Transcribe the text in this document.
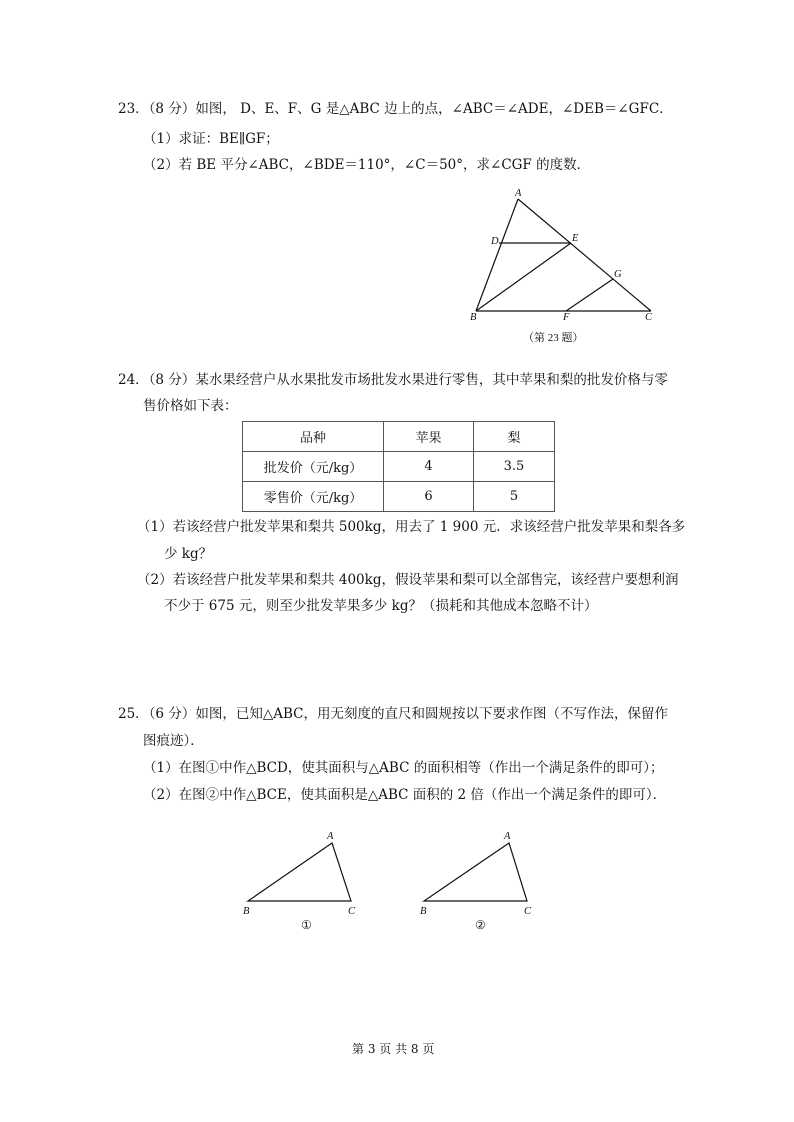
23．（8 分）如图， D、E、F、G 是△ABC 边上的点，∠ABC＝∠ADE，∠DEB＝∠GFC．
（1）求证：BE∥GF；
（2）若 BE 平分∠ABC，∠BDE＝110°，∠C＝50°，求∠CGF 的度数．
A
D	E
G
B	F	C
（第 23 题）
24．（8 分）某水果经营户从水果批发市场批发水果进行零售，其中苹果和梨的批发价格与零
售价格如下表：
品种	苹果	梨
批发价（元/kg）	4	3.5
零售价（元/kg）	6	5
（1）若该经营户批发苹果和梨共 500kg，用去了 1 900 元．求该经营户批发苹果和梨各多
少 kg？
（2）若该经营户批发苹果和梨共 400kg，假设苹果和梨可以全部售完，该经营户要想利润
不少于 675 元，则至少批发苹果多少 kg？（损耗和其他成本忽略不计）
25．（6 分）如图，已知△ABC，用无刻度的直尺和圆规按以下要求作图（不写作法，保留作
图痕迹）．
（1）在图①中作△BCD，使其面积与△ABC 的面积相等（作出一个满足条件的即可）；
（2）在图②中作△BCE，使其面积是△ABC 面积的 2 倍（作出一个满足条件的即可）．
A
B	C
①
A
B	C
②
第 3 页 共 8 页
